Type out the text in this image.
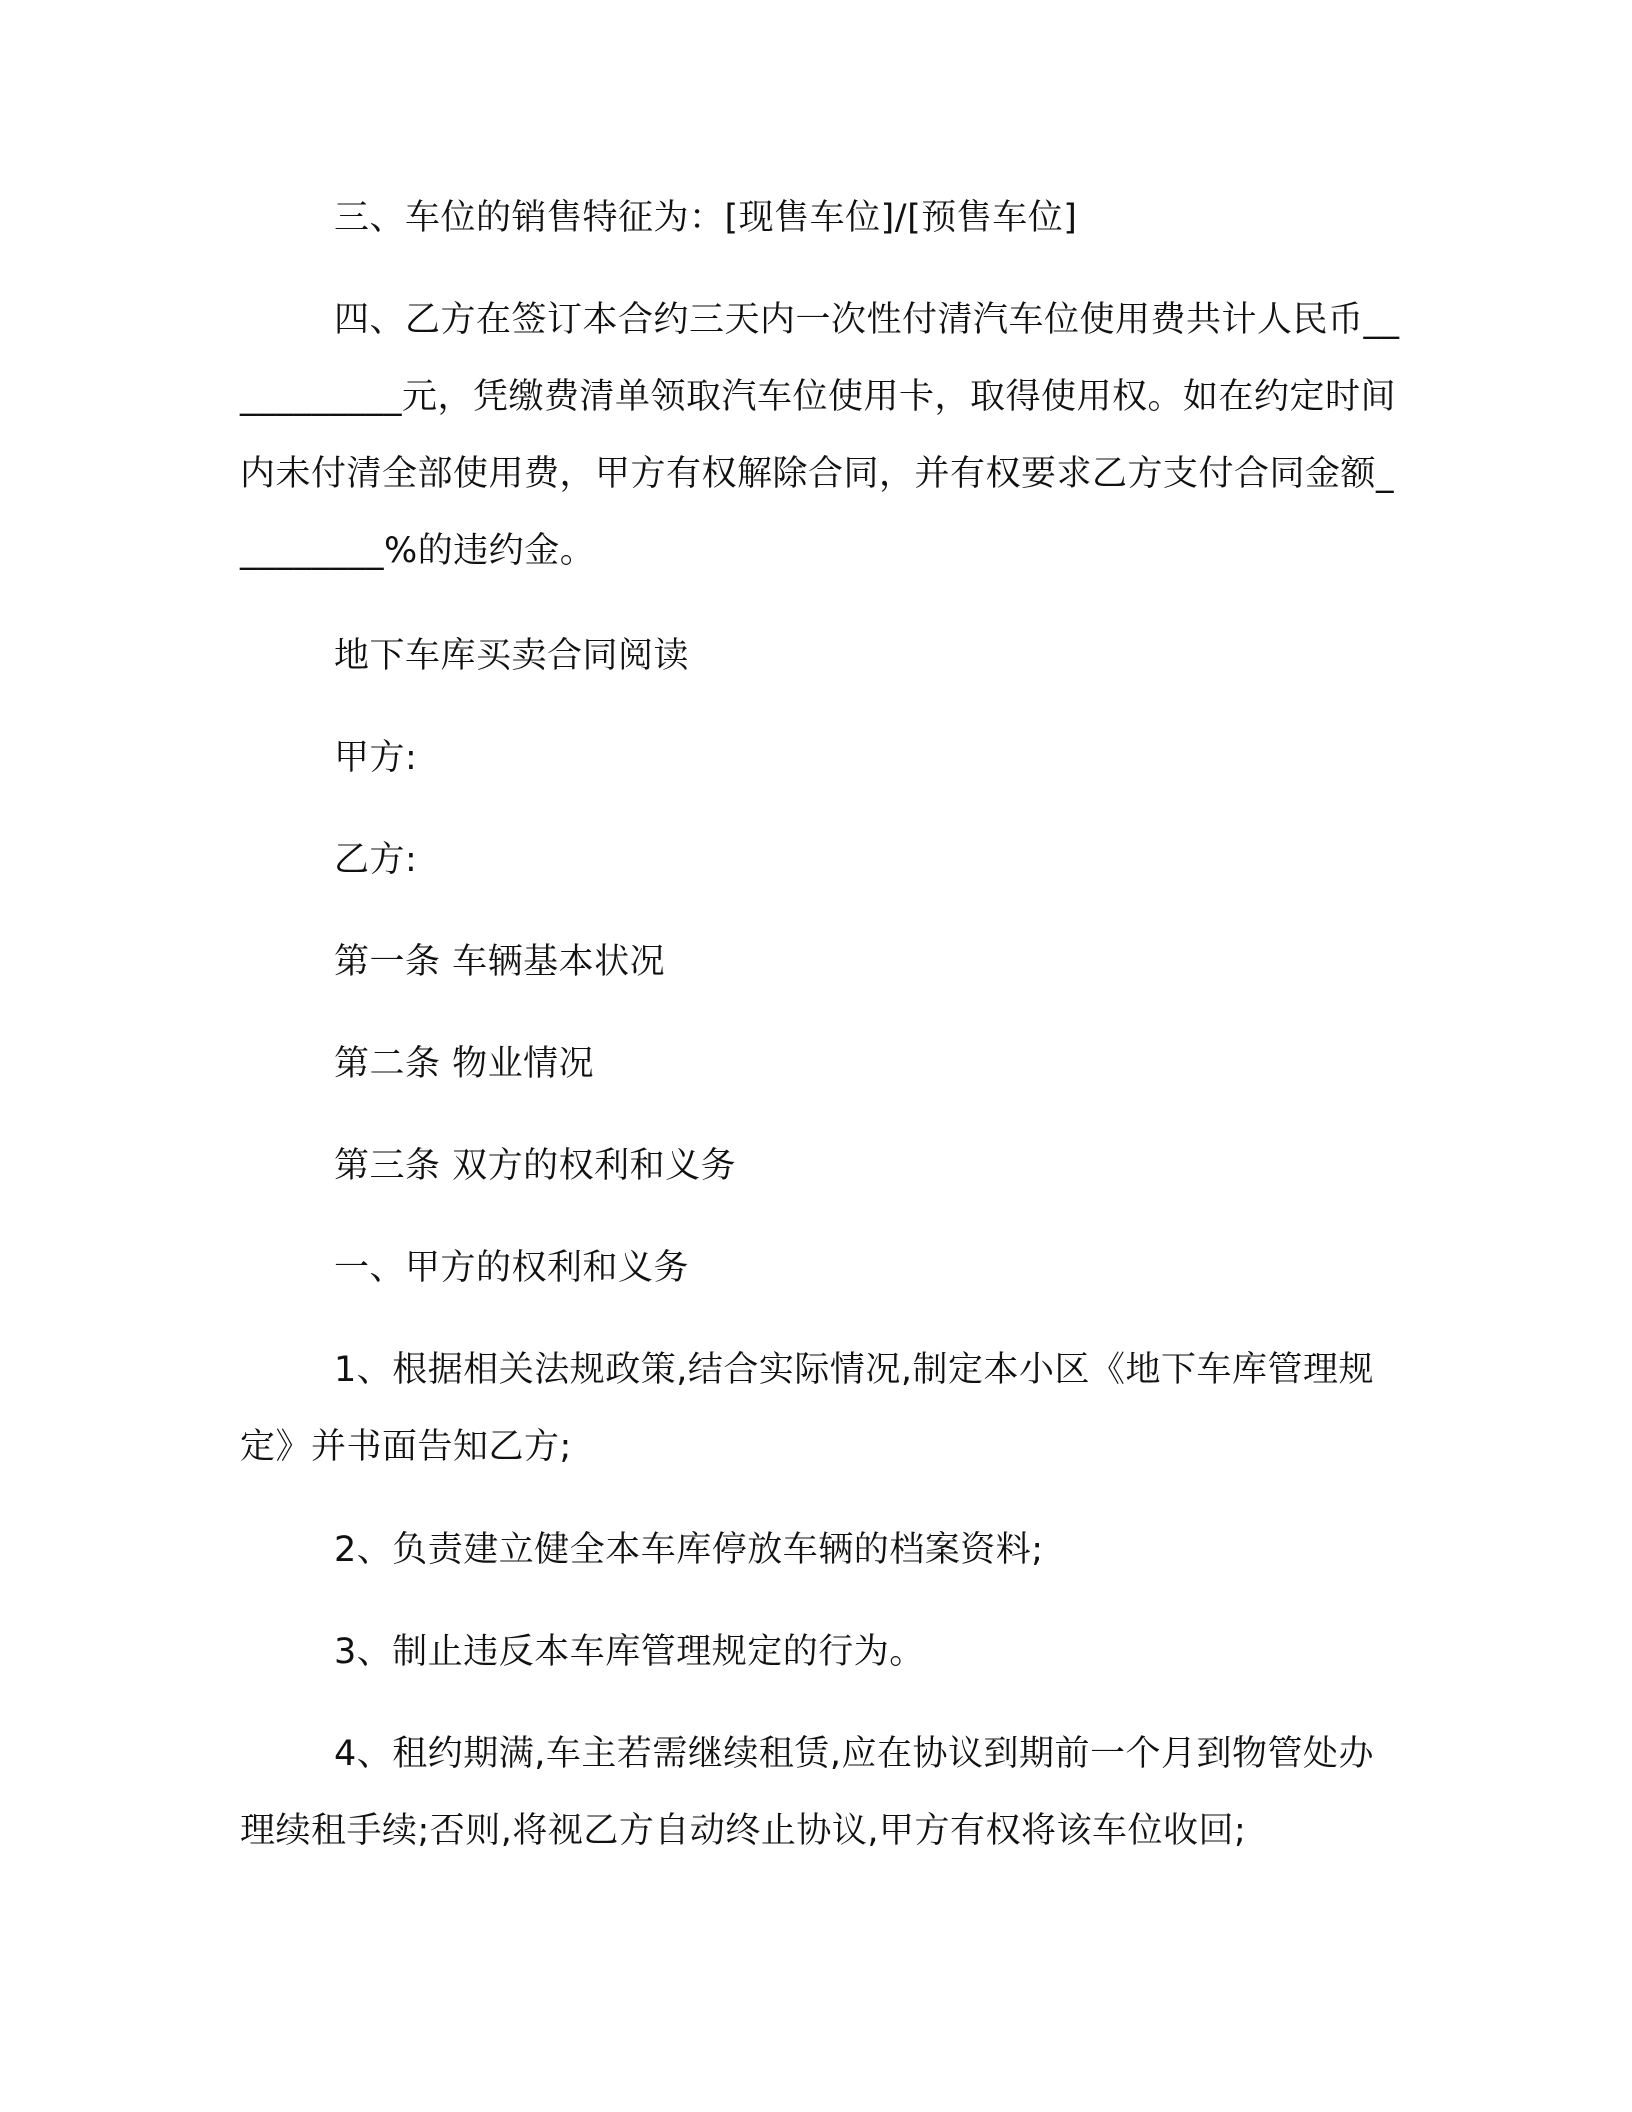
三、车位的销售特征为：[现售车位]/[预售车位]

四、乙方在签订本合约三天内一次性付清汽车位使用费共计人民币___________元，凭缴费清单领取汽车位使用卡，取得使用权。如在约定时间内未付清全部使用费，甲方有权解除合同，并有权要求乙方支付合同金额_________%的违约金。

地下车库买卖合同阅读

甲方:

乙方:

第一条 车辆基本状况

第二条 物业情况

第三条 双方的权利和义务

一、甲方的权利和义务

1、根据相关法规政策,结合实际情况,制定本小区《地下车库管理规定》并书面告知乙方;

2、负责建立健全本车库停放车辆的档案资料;

3、制止违反本车库管理规定的行为。

4、租约期满,车主若需继续租赁,应在协议到期前一个月到物管处办理续租手续;否则,将视乙方自动终止协议,甲方有权将该车位收回;
